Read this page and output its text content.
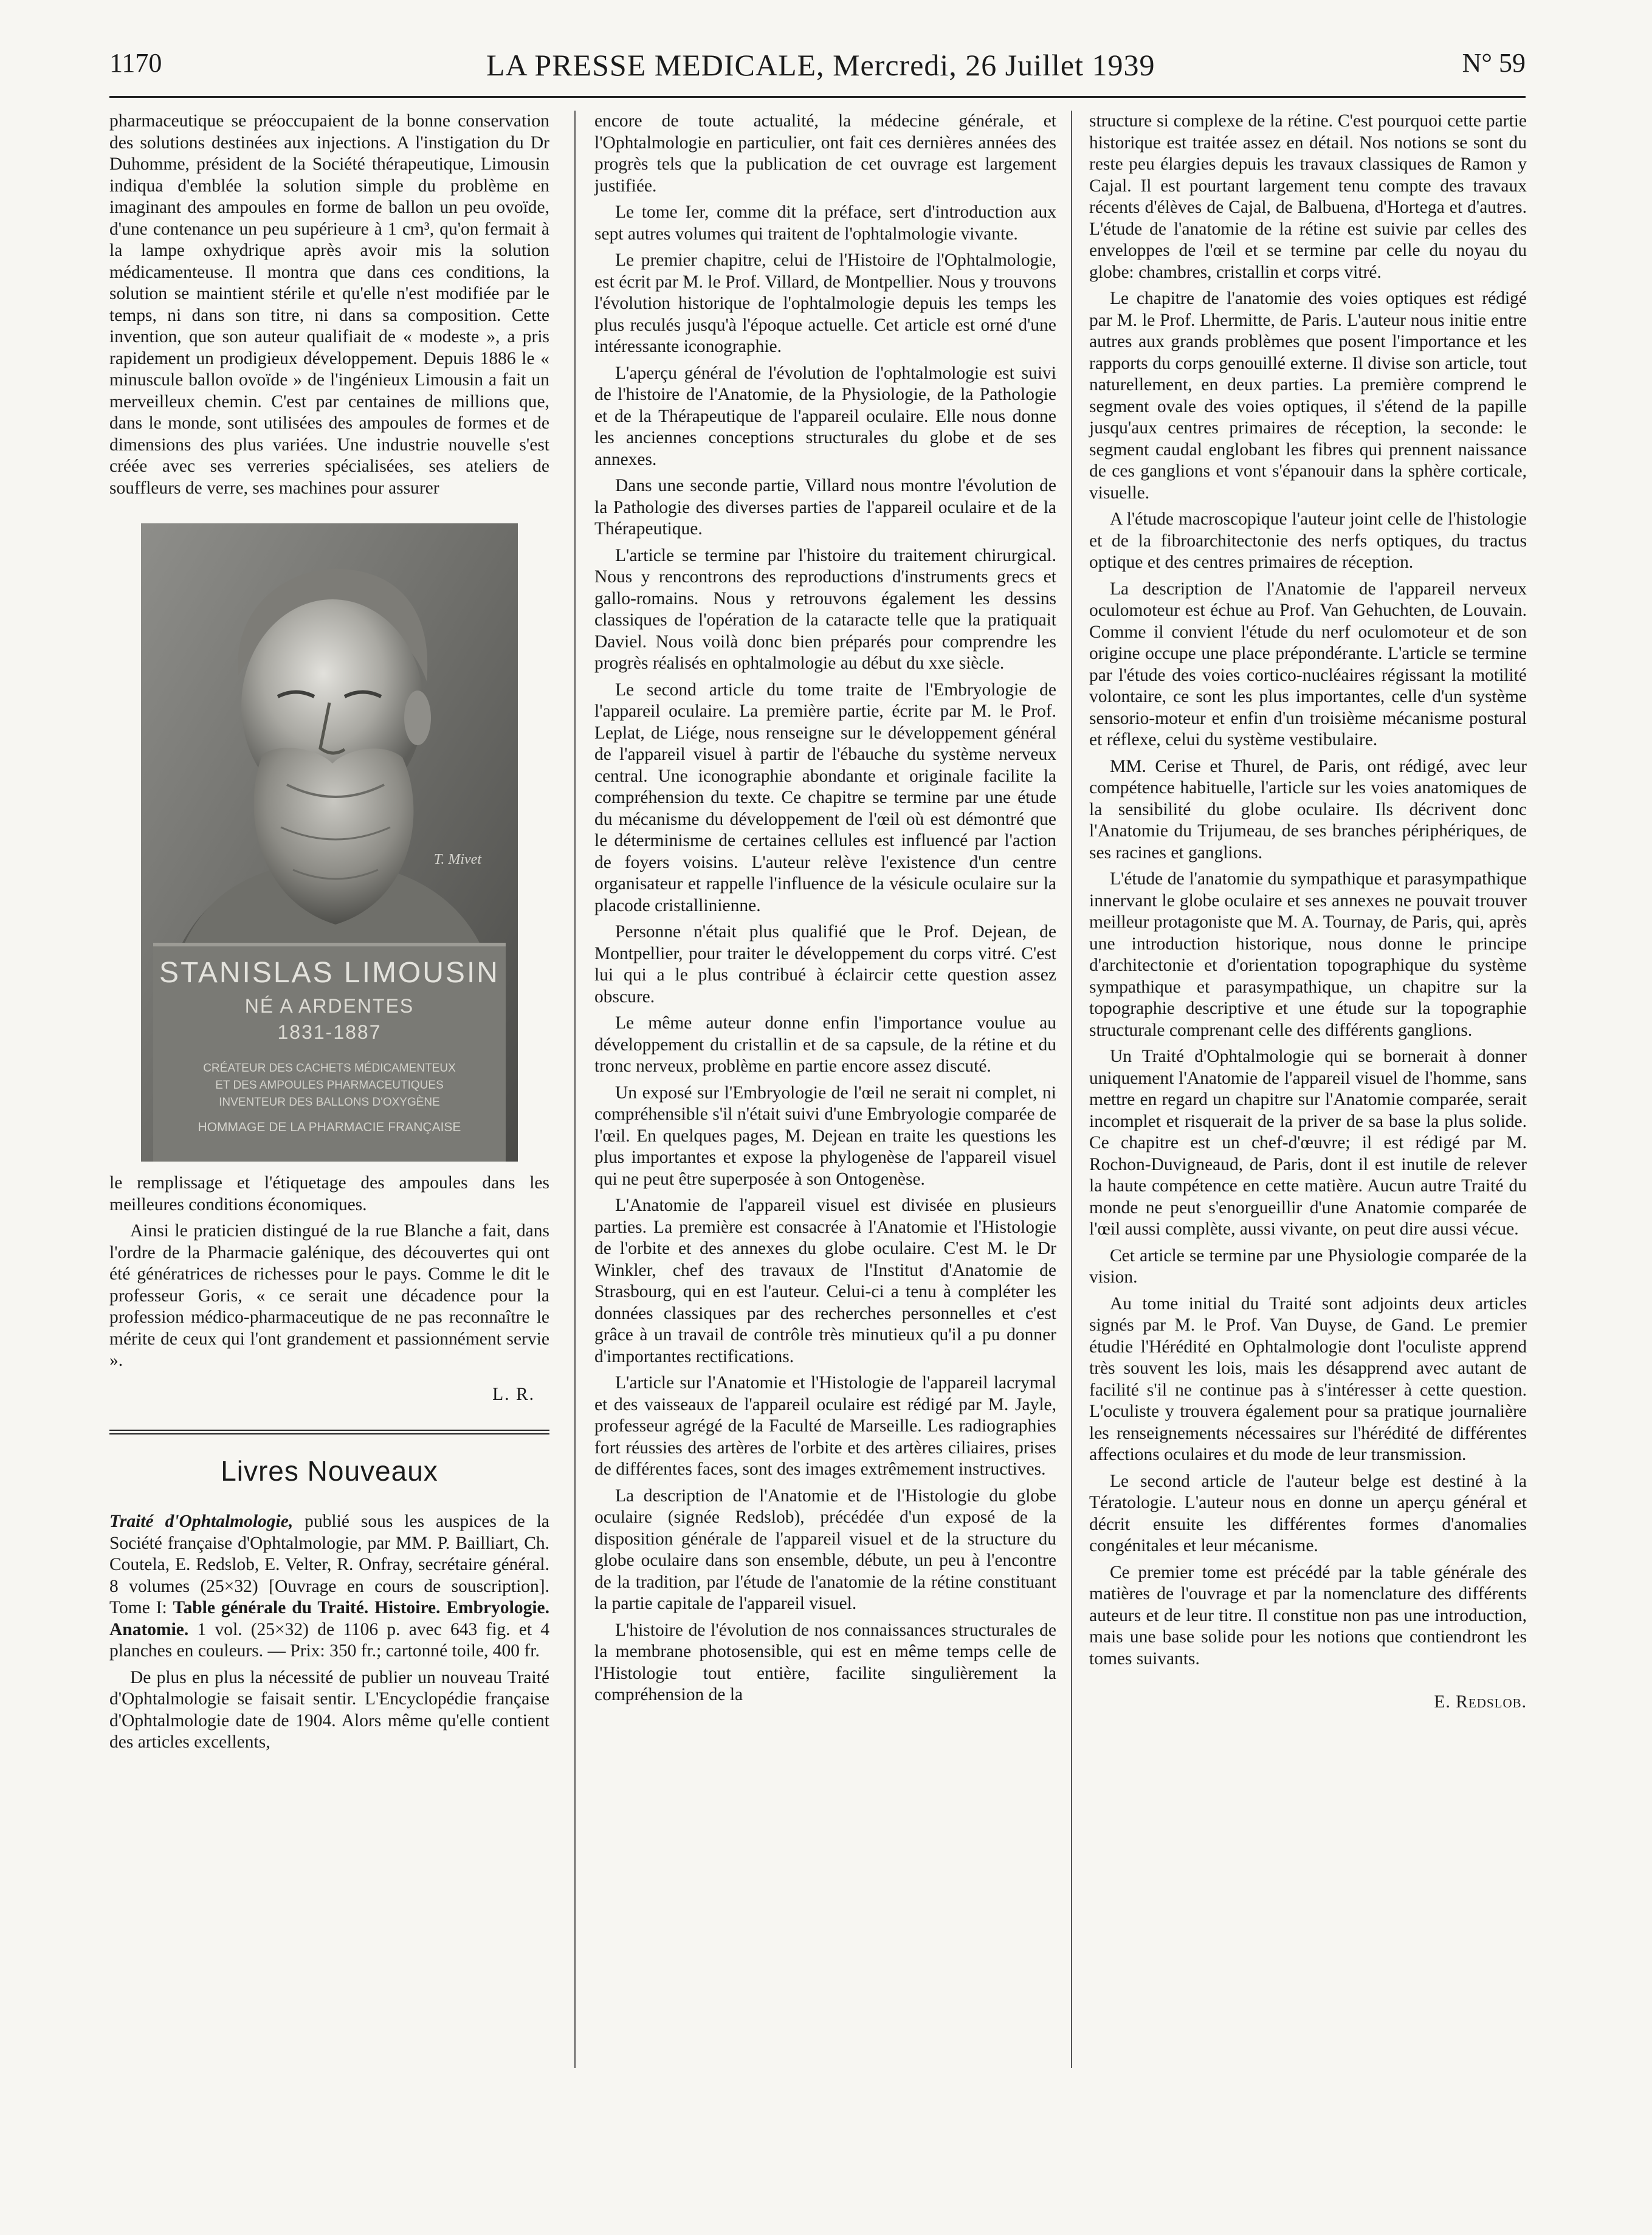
1170	LA PRESSE MEDICALE, Mercredi, 26 Juillet 1939	N° 59

pharmaceutique se préoccupaient de la bonne conservation des solutions destinées aux injections. A l'instigation du Dr Duhomme, président de la Société thérapeutique, Limousin indiqua d'emblée la solution simple du problème en imaginant des ampoules en forme de ballon un peu ovoïde, d'une contenance un peu supérieure à 1 cm³, qu'on fermait à la lampe oxhydrique après avoir mis la solution médicamenteuse. Il montra que dans ces conditions, la solution se maintient stérile et qu'elle n'est modifiée par le temps, ni dans son titre, ni dans sa composition. Cette invention, que son auteur qualifiait de « modeste », a pris rapidement un prodigieux développement. Depuis 1886 le « minuscule ballon ovoïde » de l'ingénieux Limousin a fait un merveilleux chemin. C'est par centaines de millions que, dans le monde, sont utilisées des ampoules de formes et de dimensions des plus variées. Une industrie nouvelle s'est créée avec ses verreries spécialisées, ses ateliers de souffleurs de verre, ses machines pour assurer

STANISLAS LIMOUSIN
NÉ A ARDENTES
1831-1887
CRÉATEUR DES CACHETS MÉDICAMENTEUX
ET DES AMPOULES PHARMACEUTIQUES
INVENTEUR DES BALLONS D'OXYGÈNE
HOMMAGE DE LA PHARMACIE FRANÇAISE
T. Mivet

le remplissage et l'étiquetage des ampoules dans les meilleures conditions économiques.

Ainsi le praticien distingué de la rue Blanche a fait, dans l'ordre de la Pharmacie galénique, des découvertes qui ont été génératrices de richesses pour le pays. Comme le dit le professeur Goris, « ce serait une décadence pour la profession médico-pharmaceutique de ne pas reconnaître le mérite de ceux qui l'ont grandement et passionnément servie ».

L. R.
Livres Nouveaux

Traité d'Ophtalmologie, publié sous les auspices de la Société française d'Ophtalmologie, par MM. P. Bailliart, Ch. Coutela, E. Redslob, E. Velter, R. Onfray, secrétaire général. 8 volumes (25×32) [Ouvrage en cours de souscription]. Tome I: Table générale du Traité. Histoire. Embryologie. Anatomie. 1 vol. (25×32) de 1106 p. avec 643 fig. et 4 planches en couleurs. — Prix: 350 fr.; cartonné toile, 400 fr.

De plus en plus la nécessité de publier un nouveau Traité d'Ophtalmologie se faisait sentir. L'Encyclopédie française d'Ophtalmologie date de 1904. Alors même qu'elle contient des articles excellents,

encore de toute actualité, la médecine générale, et l'Ophtalmologie en particulier, ont fait ces dernières années des progrès tels que la publication de cet ouvrage est largement justifiée.

Le tome Ier, comme dit la préface, sert d'introduction aux sept autres volumes qui traitent de l'ophtalmologie vivante.

Le premier chapitre, celui de l'Histoire de l'Ophtalmologie, est écrit par M. le Prof. Villard, de Montpellier. Nous y trouvons l'évolution historique de l'ophtalmologie depuis les temps les plus reculés jusqu'à l'époque actuelle. Cet article est orné d'une intéressante iconographie.

L'aperçu général de l'évolution de l'ophtalmologie est suivi de l'histoire de l'Anatomie, de la Physiologie, de la Pathologie et de la Thérapeutique de l'appareil oculaire. Elle nous donne les anciennes conceptions structurales du globe et de ses annexes.

Dans une seconde partie, Villard nous montre l'évolution de la Pathologie des diverses parties de l'appareil oculaire et de la Thérapeutique.

L'article se termine par l'histoire du traitement chirurgical. Nous y rencontrons des reproductions d'instruments grecs et gallo-romains. Nous y retrouvons également les dessins classiques de l'opération de la cataracte telle que la pratiquait Daviel. Nous voilà donc bien préparés pour comprendre les progrès réalisés en ophtalmologie au début du xxe siècle.

Le second article du tome traite de l'Embryologie de l'appareil oculaire. La première partie, écrite par M. le Prof. Leplat, de Liége, nous renseigne sur le développement général de l'appareil visuel à partir de l'ébauche du système nerveux central. Une iconographie abondante et originale facilite la compréhension du texte. Ce chapitre se termine par une étude du mécanisme du développement de l'œil où est démontré que le déterminisme de certaines cellules est influencé par l'action de foyers voisins. L'auteur relève l'existence d'un centre organisateur et rappelle l'influence de la vésicule oculaire sur la placode cristallinienne.

Personne n'était plus qualifié que le Prof. Dejean, de Montpellier, pour traiter le développement du corps vitré. C'est lui qui a le plus contribué à éclaircir cette question assez obscure.

Le même auteur donne enfin l'importance voulue au développement du cristallin et de sa capsule, de la rétine et du tronc nerveux, problème en partie encore assez discuté.

Un exposé sur l'Embryologie de l'œil ne serait ni complet, ni compréhensible s'il n'était suivi d'une Embryologie comparée de l'œil. En quelques pages, M. Dejean en traite les questions les plus importantes et expose la phylogenèse de l'appareil visuel qui ne peut être superposée à son Ontogenèse.

L'Anatomie de l'appareil visuel est divisée en plusieurs parties. La première est consacrée à l'Anatomie et l'Histologie de l'orbite et des annexes du globe oculaire. C'est M. le Dr Winkler, chef des travaux de l'Institut d'Anatomie de Strasbourg, qui en est l'auteur. Celui-ci a tenu à compléter les données classiques par des recherches personnelles et c'est grâce à un travail de contrôle très minutieux qu'il a pu donner d'importantes rectifications.

L'article sur l'Anatomie et l'Histologie de l'appareil lacrymal et des vaisseaux de l'appareil oculaire est rédigé par M. Jayle, professeur agrégé de la Faculté de Marseille. Les radiographies fort réussies des artères de l'orbite et des artères ciliaires, prises de différentes faces, sont des images extrêmement instructives.

La description de l'Anatomie et de l'Histologie du globe oculaire (signée Redslob), précédée d'un exposé de la disposition générale de l'appareil visuel et de la structure du globe oculaire dans son ensemble, débute, un peu à l'encontre de la tradition, par l'étude de l'anatomie de la rétine constituant la partie capitale de l'appareil visuel.

L'histoire de l'évolution de nos connaissances structurales de la membrane photosensible, qui est en même temps celle de l'Histologie tout entière, facilite singulièrement la compréhension de la

structure si complexe de la rétine. C'est pourquoi cette partie historique est traitée assez en détail. Nos notions se sont du reste peu élargies depuis les travaux classiques de Ramon y Cajal. Il est pourtant largement tenu compte des travaux récents d'élèves de Cajal, de Balbuena, d'Hortega et d'autres. L'étude de l'anatomie de la rétine est suivie par celles des enveloppes de l'œil et se termine par celle du noyau du globe: chambres, cristallin et corps vitré.

Le chapitre de l'anatomie des voies optiques est rédigé par M. le Prof. Lhermitte, de Paris. L'auteur nous initie entre autres aux grands problèmes que posent l'importance et les rapports du corps genouillé externe. Il divise son article, tout naturellement, en deux parties. La première comprend le segment ovale des voies optiques, il s'étend de la papille jusqu'aux centres primaires de réception, la seconde: le segment caudal englobant les fibres qui prennent naissance de ces ganglions et vont s'épanouir dans la sphère corticale, visuelle.

A l'étude macroscopique l'auteur joint celle de l'histologie et de la fibroarchitectonie des nerfs optiques, du tractus optique et des centres primaires de réception.

La description de l'Anatomie de l'appareil nerveux oculomoteur est échue au Prof. Van Gehuchten, de Louvain. Comme il convient l'étude du nerf oculomoteur et de son origine occupe une place prépondérante. L'article se termine par l'étude des voies cortico-nucléaires régissant la motilité volontaire, ce sont les plus importantes, celle d'un système sensorio-moteur et enfin d'un troisième mécanisme postural et réflexe, celui du système vestibulaire.

MM. Cerise et Thurel, de Paris, ont rédigé, avec leur compétence habituelle, l'article sur les voies anatomiques de la sensibilité du globe oculaire. Ils décrivent donc l'Anatomie du Trijumeau, de ses branches périphériques, de ses racines et ganglions.

L'étude de l'anatomie du sympathique et parasympathique innervant le globe oculaire et ses annexes ne pouvait trouver meilleur protagoniste que M. A. Tournay, de Paris, qui, après une introduction historique, nous donne le principe d'architectonie et d'orientation topographique du système sympathique et parasympathique, un chapitre sur la topographie descriptive et une étude sur la topographie structurale comprenant celle des différents ganglions.

Un Traité d'Ophtalmologie qui se bornerait à donner uniquement l'Anatomie de l'appareil visuel de l'homme, sans mettre en regard un chapitre sur l'Anatomie comparée, serait incomplet et risquerait de la priver de sa base la plus solide. Ce chapitre est un chef-d'œuvre; il est rédigé par M. Rochon-Duvigneaud, de Paris, dont il est inutile de relever la haute compétence en cette matière. Aucun autre Traité du monde ne peut s'enorgueillir d'une Anatomie comparée de l'œil aussi complète, aussi vivante, on peut dire aussi vécue.

Cet article se termine par une Physiologie comparée de la vision.

Au tome initial du Traité sont adjoints deux articles signés par M. le Prof. Van Duyse, de Gand. Le premier étudie l'Hérédité en Ophtalmologie dont l'oculiste apprend très souvent les lois, mais les désapprend avec autant de facilité s'il ne continue pas à s'intéresser à cette question. L'oculiste y trouvera également pour sa pratique journalière les renseignements nécessaires sur l'hérédité de différentes affections oculaires et du mode de leur transmission.

Le second article de l'auteur belge est destiné à la Tératologie. L'auteur nous en donne un aperçu général et décrit ensuite les différentes formes d'anomalies congénitales et leur mécanisme.

Ce premier tome est précédé par la table générale des matières de l'ouvrage et par la nomenclature des différents auteurs et de leur titre. Il constitue non pas une introduction, mais une base solide pour les notions que contiendront les tomes suivants.

E. Redslob.
